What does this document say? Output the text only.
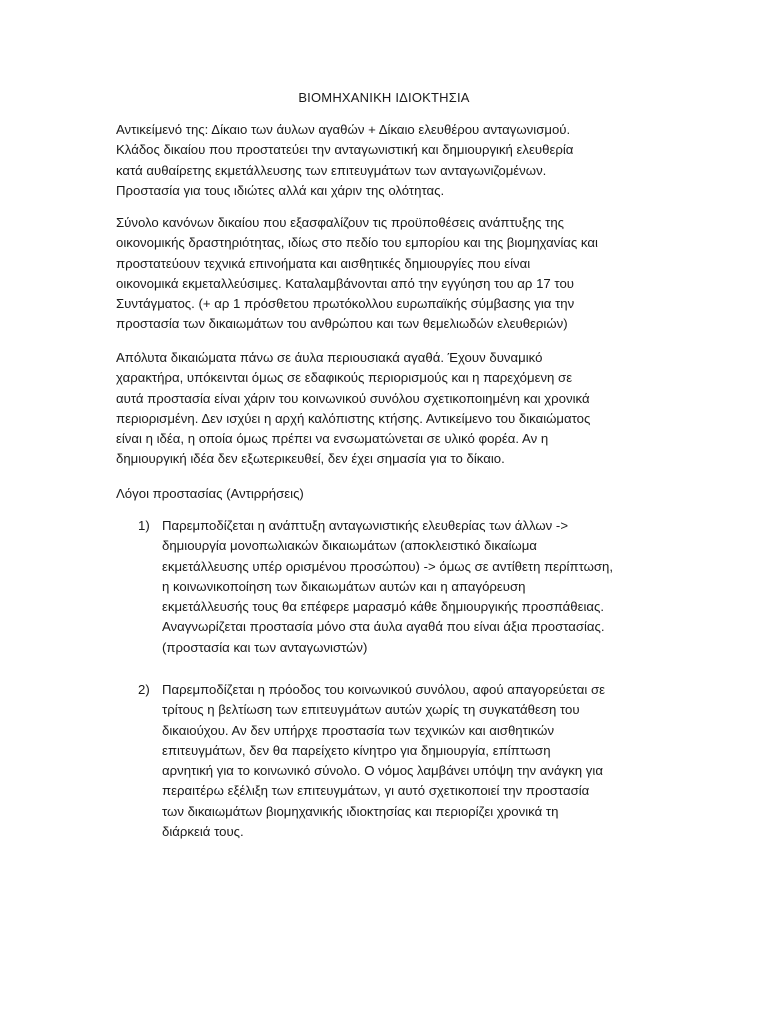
ΒΙΟΜΗΧΑΝΙΚΗ ΙΔΙΟΚΤΗΣΙΑ
Αντικείμενό της: Δίκαιο των άυλων αγαθών + Δίκαιο ελευθέρου ανταγωνισμού.
Κλάδος δικαίου που προστατεύει την ανταγωνιστική και δημιουργική ελευθερία
κατά αυθαίρετης εκμετάλλευσης των επιτευγμάτων των ανταγωνιζομένων.
Προστασία για τους ιδιώτες αλλά και χάριν της ολότητας.
Σύνολο κανόνων δικαίου που εξασφαλίζουν τις προϋποθέσεις ανάπτυξης της
οικονομικής δραστηριότητας, ιδίως στο πεδίο του εμπορίου και της βιομηχανίας και
προστατεύουν τεχνικά επινοήματα και αισθητικές δημιουργίες που είναι
οικονομικά εκμεταλλεύσιμες. Καταλαμβάνονται από την εγγύηση του αρ 17 του
Συντάγματος. (+ αρ 1 πρόσθετου πρωτόκολλου ευρωπαϊκής σύμβασης για την
προστασία των δικαιωμάτων του ανθρώπου και των θεμελιωδών ελευθεριών)
Απόλυτα δικαιώματα πάνω σε άυλα περιουσιακά αγαθά. Έχουν δυναμικό
χαρακτήρα, υπόκεινται όμως σε εδαφικούς περιορισμούς και η παρεχόμενη σε
αυτά προστασία είναι χάριν του κοινωνικού συνόλου σχετικοποιημένη και χρονικά
περιορισμένη. Δεν ισχύει η αρχή καλόπιστης κτήσης. Αντικείμενο του δικαιώματος
είναι η ιδέα, η οποία όμως πρέπει να ενσωματώνεται σε υλικό φορέα. Αν η
δημιουργική ιδέα δεν εξωτερικευθεί, δεν έχει σημασία για το δίκαιο.
Λόγοι προστασίας (Αντιρρήσεις)
1) Παρεμποδίζεται η ανάπτυξη ανταγωνιστικής ελευθερίας των άλλων ->
δημιουργία μονοπωλιακών δικαιωμάτων (αποκλειστικό δικαίωμα
εκμετάλλευσης υπέρ ορισμένου προσώπου) -> όμως σε αντίθετη περίπτωση,
η κοινωνικοποίηση των δικαιωμάτων αυτών και η απαγόρευση
εκμετάλλευσής τους θα επέφερε μαρασμό κάθε δημιουργικής προσπάθειας.
Αναγνωρίζεται προστασία μόνο στα άυλα αγαθά που είναι άξια προστασίας.
(προστασία και των ανταγωνιστών)
2) Παρεμποδίζεται η πρόοδος του κοινωνικού συνόλου, αφού απαγορεύεται σε
τρίτους η βελτίωση των επιτευγμάτων αυτών χωρίς τη συγκατάθεση του
δικαιούχου. Αν δεν υπήρχε προστασία των τεχνικών και αισθητικών
επιτευγμάτων, δεν θα παρείχετο κίνητρο για δημιουργία, επίπτωση
αρνητική για το κοινωνικό σύνολο. Ο νόμος λαμβάνει υπόψη την ανάγκη για
περαιτέρω εξέλιξη των επιτευγμάτων, γι αυτό σχετικοποιεί την προστασία
των δικαιωμάτων βιομηχανικής ιδιοκτησίας και περιορίζει χρονικά τη
διάρκειά τους.
